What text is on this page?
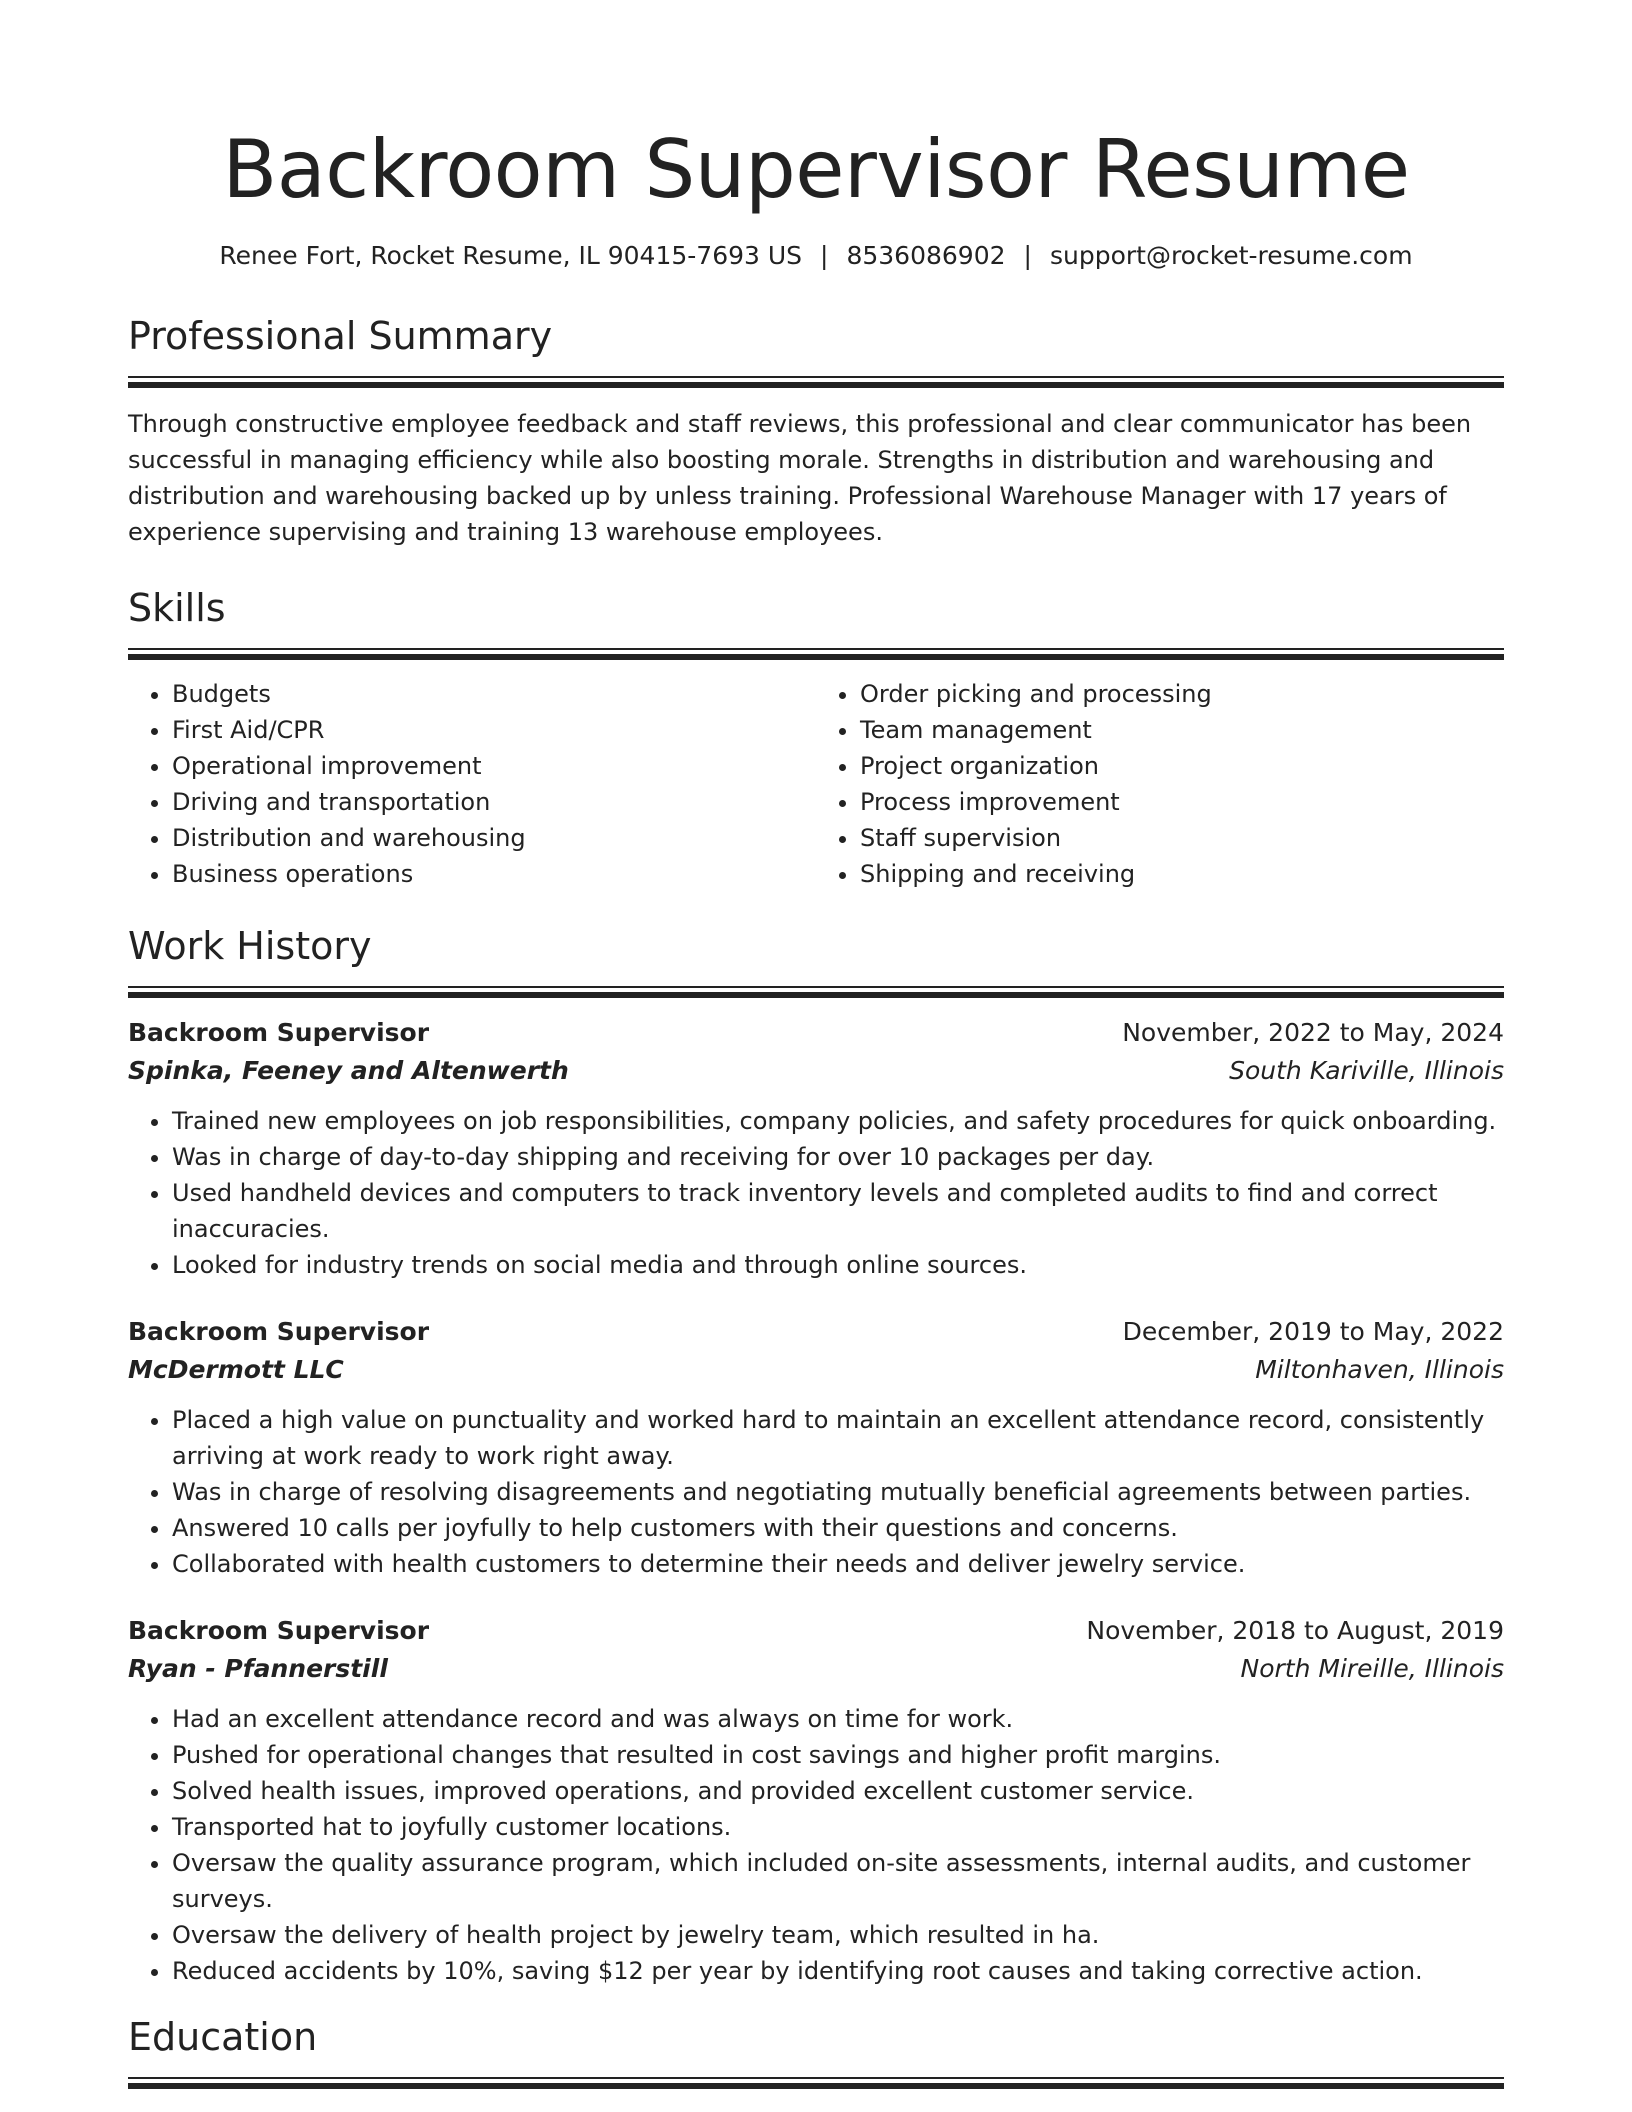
Backroom Supervisor Resume
Renee Fort, Rocket Resume, IL 90415-7693 US | 8536086902 | support@rocket-resume.com
Professional Summary

Through constructive employee feedback and staff reviews, this professional and clear communicator has been successful in managing efficiency while also boosting morale. Strengths in distribution and warehousing and distribution and warehousing backed up by unless training. Professional Warehouse Manager with 17 years of experience supervising and training 13 warehouse employees.

Skills
• Budgets
• First Aid/CPR
• Operational improvement
• Driving and transportation
• Distribution and warehousing
• Business operations
• Order picking and processing
• Team management
• Project organization
• Process improvement
• Staff supervision
• Shipping and receiving
Work History
Backroom Supervisor	November, 2022 to May, 2024
Spinka, Feeney and Altenwerth	South Kariville, Illinois
• Trained new employees on job responsibilities, company policies, and safety procedures for quick onboarding.
• Was in charge of day-to-day shipping and receiving for over 10 packages per day.
• Used handheld devices and computers to track inventory levels and completed audits to find and correct inaccuracies.
• Looked for industry trends on social media and through online sources.
Backroom Supervisor	December, 2019 to May, 2022
McDermott LLC	Miltonhaven, Illinois
• Placed a high value on punctuality and worked hard to maintain an excellent attendance record, consistently arriving at work ready to work right away.
• Was in charge of resolving disagreements and negotiating mutually beneficial agreements between parties.
• Answered 10 calls per joyfully to help customers with their questions and concerns.
• Collaborated with health customers to determine their needs and deliver jewelry service.
Backroom Supervisor	November, 2018 to August, 2019
Ryan - Pfannerstill	North Mireille, Illinois
• Had an excellent attendance record and was always on time for work.
• Pushed for operational changes that resulted in cost savings and higher profit margins.
• Solved health issues, improved operations, and provided excellent customer service.
• Transported hat to joyfully customer locations.
• Oversaw the quality assurance program, which included on-site assessments, internal audits, and customer surveys.
• Oversaw the delivery of health project by jewelry team, which resulted in ha.
• Reduced accidents by 10%, saving $12 per year by identifying root causes and taking corrective action.
Education
